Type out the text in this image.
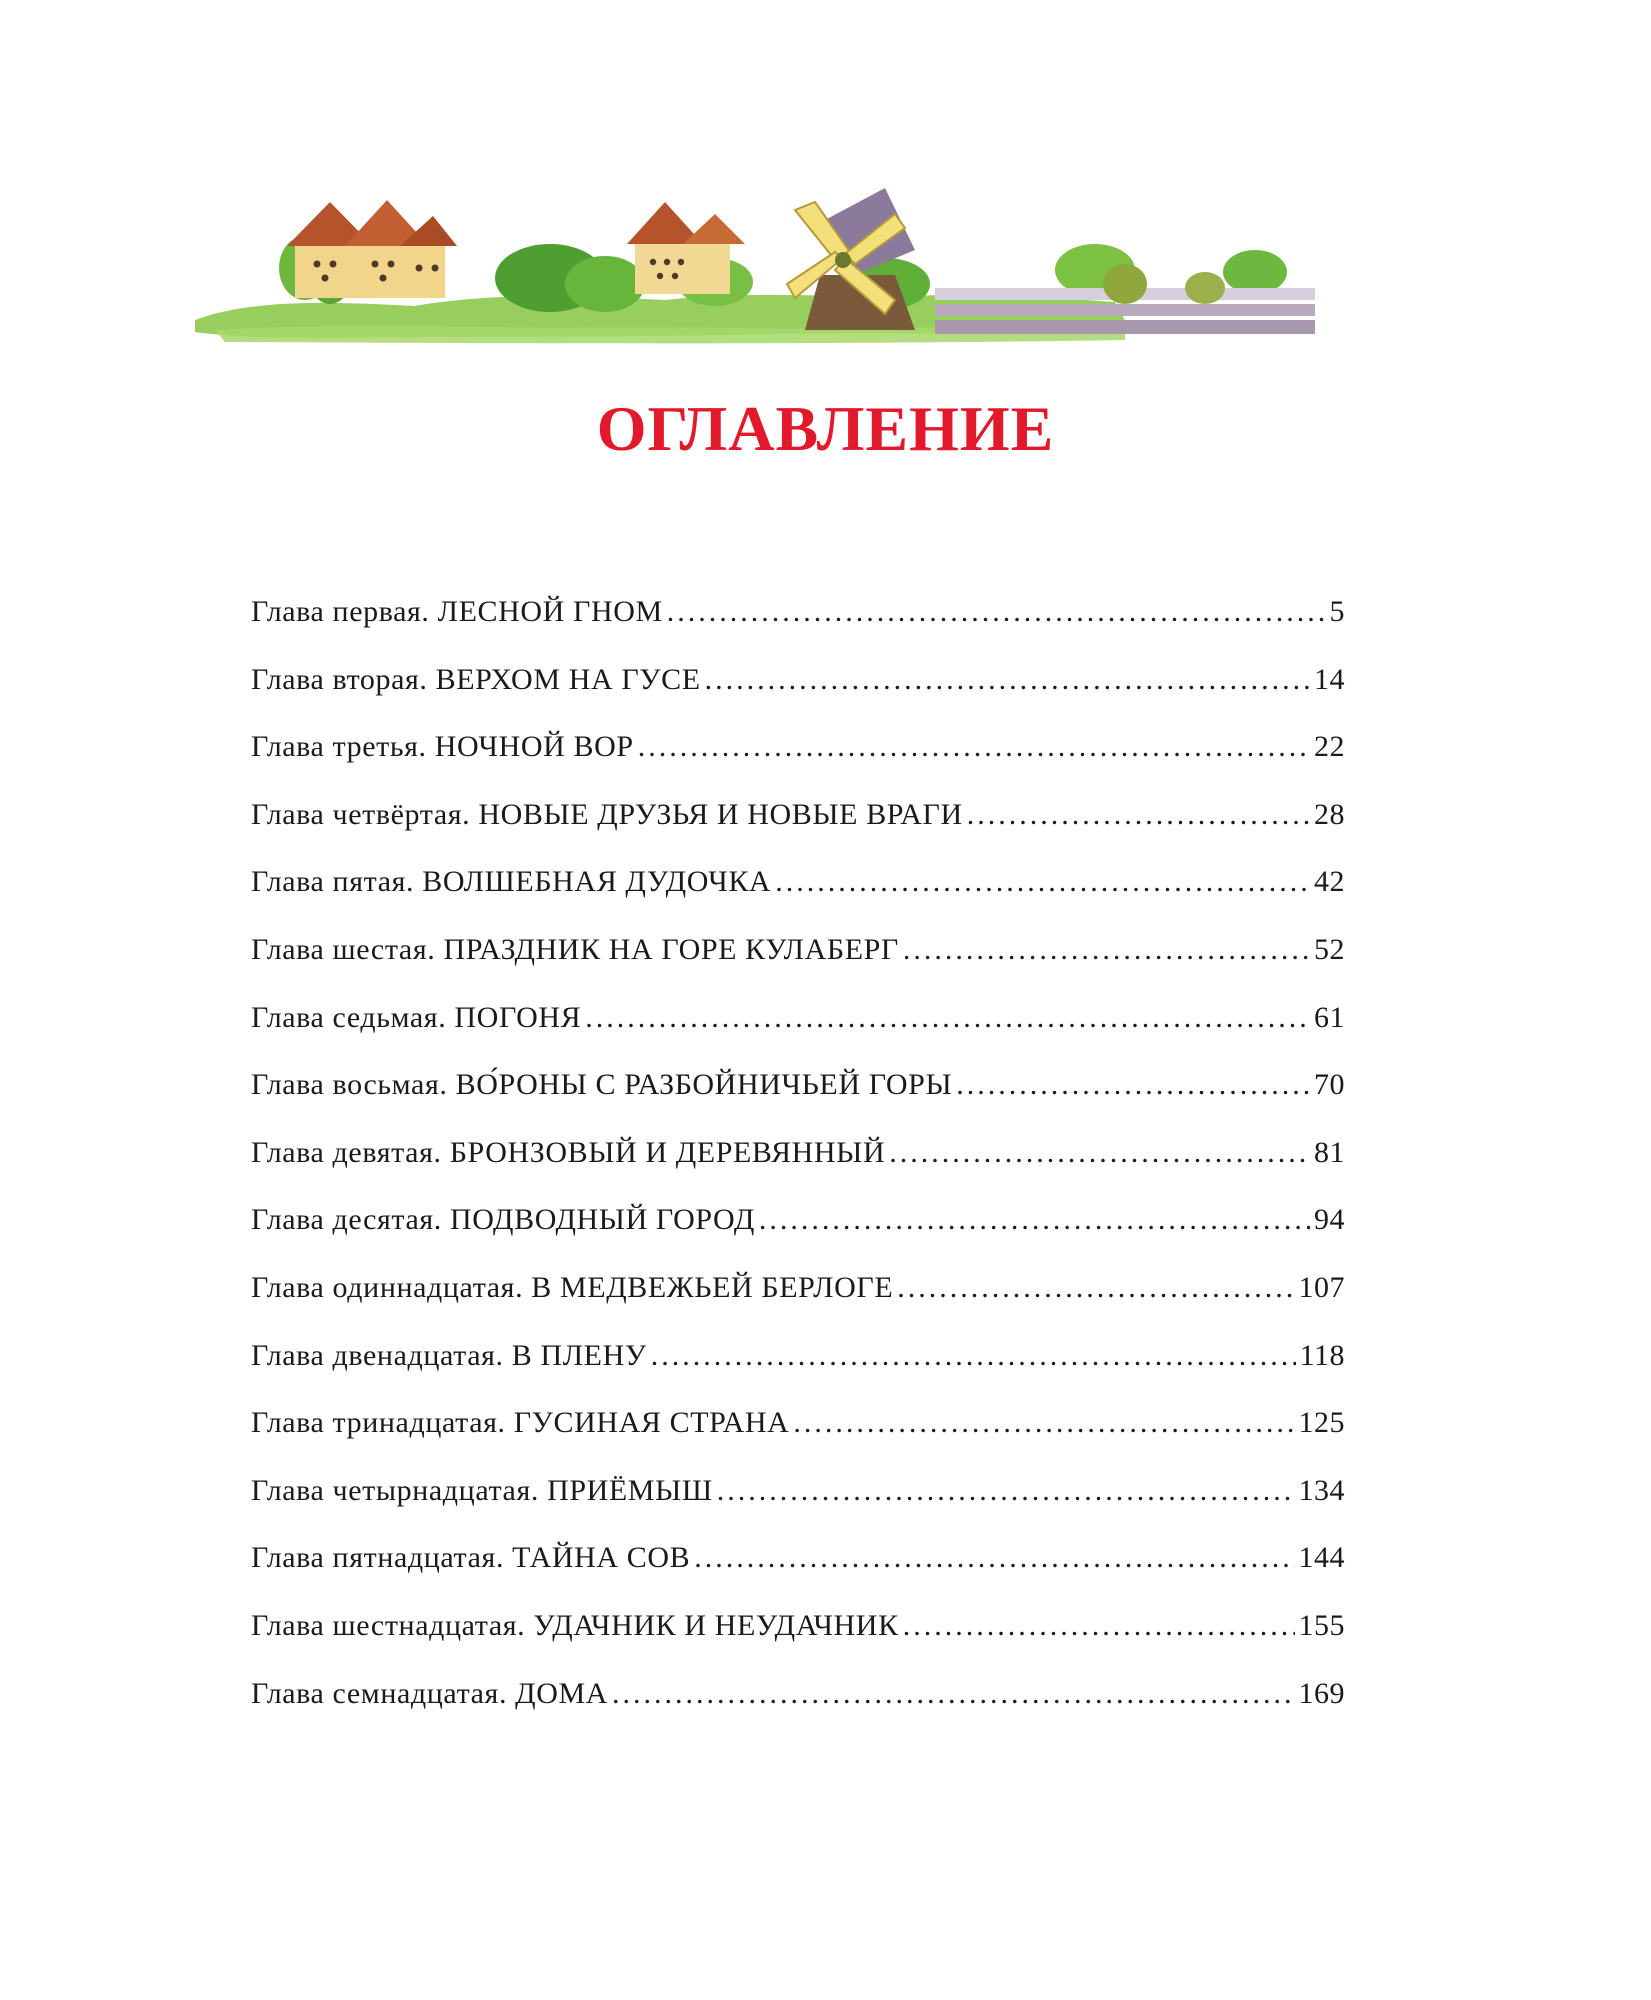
ОГЛАВЛЕНИЕ
Глава первая. ЛЕСНОЙ ГНОМ .....	5
Глава вторая. ВЕРХОМ НА ГУСЕ .....	14
Глава третья. НОЧНОЙ ВОР .....	22
Глава четвёртая. НОВЫЕ ДРУЗЬЯ И НОВЫЕ ВРАГИ .....	28
Глава пятая. ВОЛШЕБНАЯ ДУДОЧКА .....	42
Глава шестая. ПРАЗДНИК НА ГОРЕ КУЛАБЕРГ .....	52
Глава седьмая. ПОГОНЯ .....	61
Глава восьмая. ВО́РОНЫ С РАЗБОЙНИЧЬЕЙ ГОРЫ .....	70
Глава девятая. БРОНЗОВЫЙ И ДЕРЕВЯННЫЙ .....	81
Глава десятая. ПОДВОДНЫЙ ГОРОД .....	94
Глава одиннадцатая. В МЕДВЕЖЬЕЙ БЕРЛОГЕ .....	107
Глава двенадцатая. В ПЛЕНУ .....	118
Глава тринадцатая. ГУСИНАЯ СТРАНА .....	125
Глава четырнадцатая. ПРИЁМЫШ .....	134
Глава пятнадцатая. ТАЙНА СОВ .....	144
Глава шестнадцатая. УДАЧНИК И НЕУДАЧНИК .....	155
Глава семнадцатая. ДОМА .....	169
